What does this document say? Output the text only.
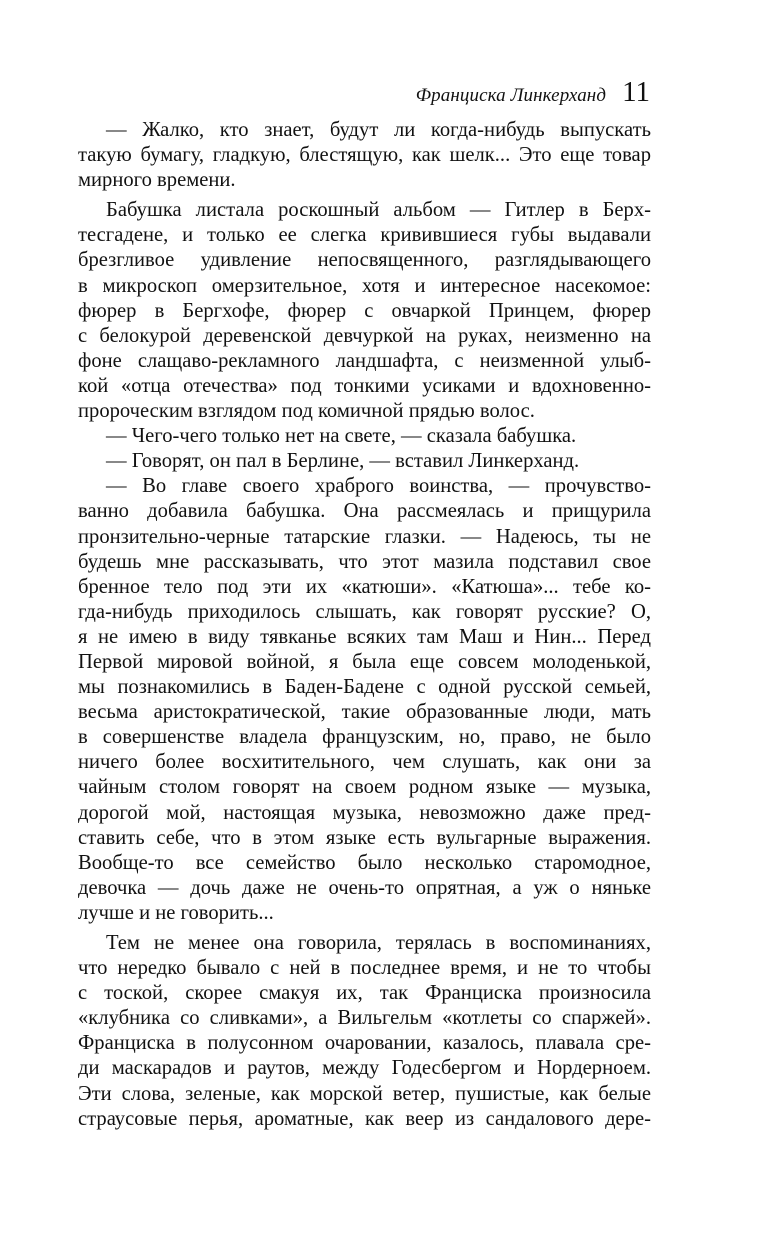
Франциска Линкерханд 11
— Жалко, кто знает, будут ли когда-нибудь выпускать
такую бумагу, гладкую, блестящую, как шелк... Это еще товар
мирного времени.
Бабушка листала роскошный альбом — Гитлер в Берх-
тесгадене, и только ее слегка кривившиеся губы выдавали
брезгливое удивление непосвященного, разглядывающего
в микроскоп омерзительное, хотя и интересное насекомое:
фюрер в Бергхофе, фюрер с овчаркой Принцем, фюрер
с белокурой деревенской девчуркой на руках, неизменно на
фоне слащаво-рекламного ландшафта, с неизменной улыб-
кой «отца отечества» под тонкими усиками и вдохновенно-
пророческим взглядом под комичной прядью волос.
— Чего-чего только нет на свете, — сказала бабушка.
— Говорят, он пал в Берлине, — вставил Линкерханд.
— Во главе своего храброго воинства, — прочувство-
ванно добавила бабушка. Она рассмеялась и прищурила
пронзительно-черные татарские глазки. — Надеюсь, ты не
будешь мне рассказывать, что этот мазила подставил свое
бренное тело под эти их «катюши». «Катюша»... тебе ко-
гда-нибудь приходилось слышать, как говорят русские? О,
я не имею в виду тявканье всяких там Маш и Нин... Перед
Первой мировой войной, я была еще совсем молоденькой,
мы познакомились в Баден-Бадене с одной русской семьей,
весьма аристократической, такие образованные люди, мать
в совершенстве владела французским, но, право, не было
ничего более восхитительного, чем слушать, как они за
чайным столом говорят на своем родном языке — музыка,
дорогой мой, настоящая музыка, невозможно даже пред-
ставить себе, что в этом языке есть вульгарные выражения.
Вообще-то все семейство было несколько старомодное,
девочка — дочь даже не очень-то опрятная, а уж о няньке
лучше и не говорить...
Тем не менее она говорила, терялась в воспоминаниях,
что нередко бывало с ней в последнее время, и не то чтобы
с тоской, скорее смакуя их, так Франциска произносила
«клубника со сливками», а Вильгельм «котлеты со спаржей».
Франциска в полусонном очаровании, казалось, плавала сре-
ди маскарадов и раутов, между Годесбергом и Нордерноем.
Эти слова, зеленые, как морской ветер, пушистые, как белые
страусовые перья, ароматные, как веер из сандалового дере-
